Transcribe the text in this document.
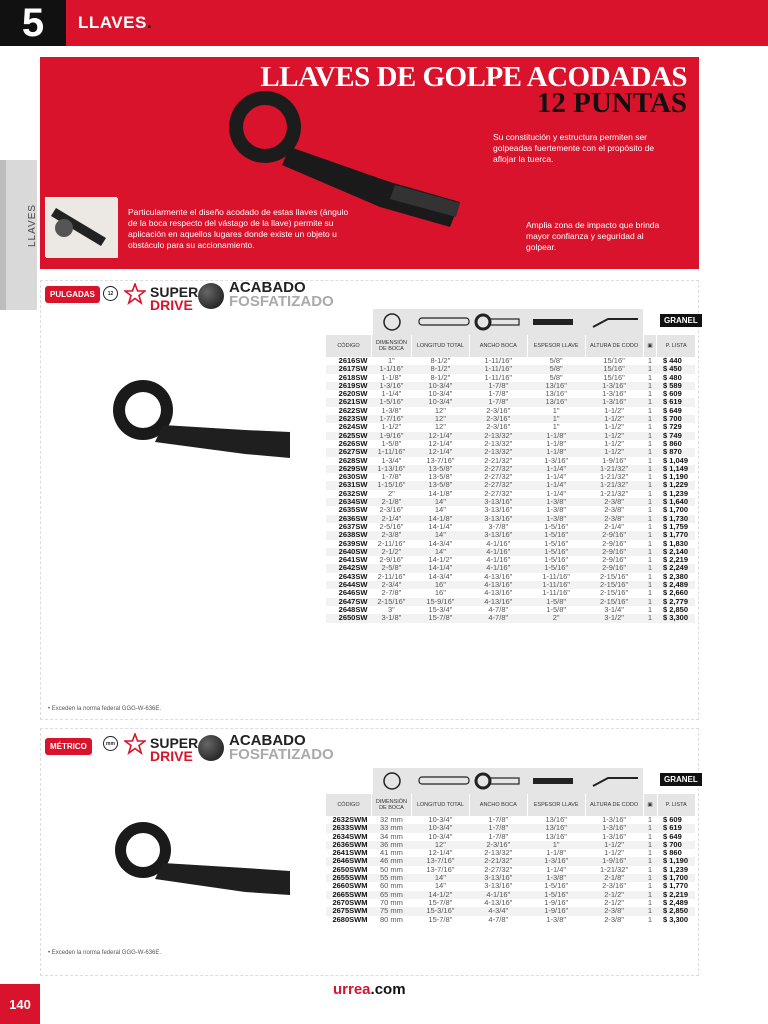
5	LLAVES.
LLAVES
LLAVES DE GOLPE ACODADAS
12 PUNTAS
Su constitución y estructura permiten ser golpeadas fuertemente con el propósito de aflojar la tuerca.
Particularmente el diseño acodado de estas llaves (ángulo de la boca respecto del vástago de la llave) permite su aplicación en aquellos lugares donde existe un objeto u obstáculo para su accionamiento.
Amplia zona de impacto que brinda mayor confianza y seguridad al golpear.
PULGADAS	12	SUPER
DRIVE
ACABADO
FOSFATIZADO
GRANEL
CÓDIGO	DIMENSIÓN DE BOCA	LONGITUD TOTAL	ANCHO BOCA	ESPESOR LLAVE	ALTURA DE CODO	▣	P. LISTA
2616SW	1"	8-1/2"	1-11/16"	5/8"	15/16"	1	$ 440
2617SW	1-1/16"	8-1/2"	1-11/16"	5/8"	15/16"	1	$ 450
2618SW	1-1/8"	8-1/2"	1-11/16"	5/8"	15/16"	1	$ 480
2619SW	1-3/16"	10-3/4"	1-7/8"	13/16"	1-3/16"	1	$ 589
2620SW	1-1/4"	10-3/4"	1-7/8"	13/16"	1-3/16"	1	$ 609
2621SW	1-5/16"	10-3/4"	1-7/8"	13/16"	1-3/16"	1	$ 619
2622SW	1-3/8"	12"	2-3/16"	1"	1-1/2"	1	$ 649
2623SW	1-7/16"	12"	2-3/16"	1"	1-1/2"	1	$ 700
2624SW	1-1/2"	12"	2-3/16"	1"	1-1/2"	1	$ 729
2625SW	1-9/16"	12-1/4"	2-13/32"	1-1/8"	1-1/2"	1	$ 749
2626SW	1-5/8"	12-1/4"	2-13/32"	1-1/8"	1-1/2"	1	$ 860
2627SW	1-11/16"	12-1/4"	2-13/32"	1-1/8"	1-1/2"	1	$ 870
2628SW	1-3/4"	13-7/16"	2-21/32"	1-3/16"	1-9/16"	1	$ 1,049
2629SW	1-13/16"	13-5/8"	2-27/32"	1-1/4"	1-21/32"	1	$ 1,149
2630SW	1-7/8"	13-5/8"	2-27/32"	1-1/4"	1-21/32"	1	$ 1,190
2631SW	1-15/16"	13-5/8"	2-27/32"	1-1/4"	1-21/32"	1	$ 1,229
2632SW	2"	14-1/8"	2-27/32"	1-1/4"	1-21/32"	1	$ 1,239
2634SW	2-1/8"	14"	3-13/16"	1-3/8"	2-3/8"	1	$ 1,640
2635SW	2-3/16"	14"	3-13/16"	1-3/8"	2-3/8"	1	$ 1,700
2636SW	2-1/4"	14-1/8"	3-13/16"	1-3/8"	2-3/8"	1	$ 1,730
2637SW	2-5/16"	14-1/4"	3-7/8"	1-5/16"	2-1/4"	1	$ 1,759
2638SW	2-3/8"	14"	3-13/16"	1-5/16"	2-9/16"	1	$ 1,770
2639SW	2-11/16"	14-3/4"	4-1/16"	1-5/16"	2-9/16"	1	$ 1,830
2640SW	2-1/2"	14"	4-1/16"	1-5/16"	2-9/16"	1	$ 2,140
2641SW	2-9/16"	14-1/2"	4-1/16"	1-5/16"	2-9/16"	1	$ 2,219
2642SW	2-5/8"	14-1/4"	4-1/16"	1-5/16"	2-9/16"	1	$ 2,249
2643SW	2-11/16"	14-3/4"	4-13/16"	1-11/16"	2-15/16"	1	$ 2,380
2644SW	2-3/4"	16"	4-13/16"	1-11/16"	2-15/16"	1	$ 2,489
2646SW	2-7/8"	16"	4-13/16"	1-11/16"	2-15/16"	1	$ 2,660
2647SW	2-15/16"	15-9/16"	4-13/16"	1-5/8"	2-15/16"	1	$ 2,779
2648SW	3"	15-3/4"	4-7/8"	1-5/8"	3-1/4"	1	$ 2,850
2650SW	3-1/8"	15-7/8"	4-7/8"	2"	3-1/2"	1	$ 3,300
• Exceden la norma federal GGG-W-636E.
MÉTRICO	mm	SUPER
DRIVE
ACABADO
FOSFATIZADO
GRANEL
CÓDIGO	DIMENSIÓN DE BOCA	LONGITUD TOTAL	ANCHO BOCA	ESPESOR LLAVE	ALTURA DE CODO	▣	P. LISTA
2632SWM	32 mm	10-3/4"	1-7/8"	13/16"	1-3/16"	1	$ 609
2633SWM	33 mm	10-3/4"	1-7/8"	13/16"	1-3/16"	1	$ 619
2634SWM	34 mm	10-3/4"	1-7/8"	13/16"	1-3/16"	1	$ 649
2636SWM	36 mm	12"	2-3/16"	1"	1-1/2"	1	$ 700
2641SWM	41 mm	12-1/4"	2-13/32"	1-1/8"	1-1/2"	1	$ 860
2646SWM	46 mm	13-7/16"	2-21/32"	1-3/16"	1-9/16"	1	$ 1,190
2650SWM	50 mm	13-7/16"	2-27/32"	1-1/4"	1-21/32"	1	$ 1,239
2655SWM	55 mm	14"	3-13/16"	1-3/8"	2-1/8"	1	$ 1,700
2660SWM	60 mm	14"	3-13/16"	1-5/16"	2-3/16"	1	$ 1,770
2665SWM	65 mm	14-1/2"	4-1/16"	1-5/16"	2-1/2"	1	$ 2,219
2670SWM	70 mm	15-7/8"	4-13/16"	1-9/16"	2-1/2"	1	$ 2,489
2675SWM	75 mm	15-3/16"	4-3/4"	1-9/16"	2-3/8"	1	$ 2,850
2680SWM	80 mm	15-7/8"	4-7/8"	1-3/8"	2-3/8"	1	$ 3,300
• Exceden la norma federal GGG-W-636E.
urrea.com
140
